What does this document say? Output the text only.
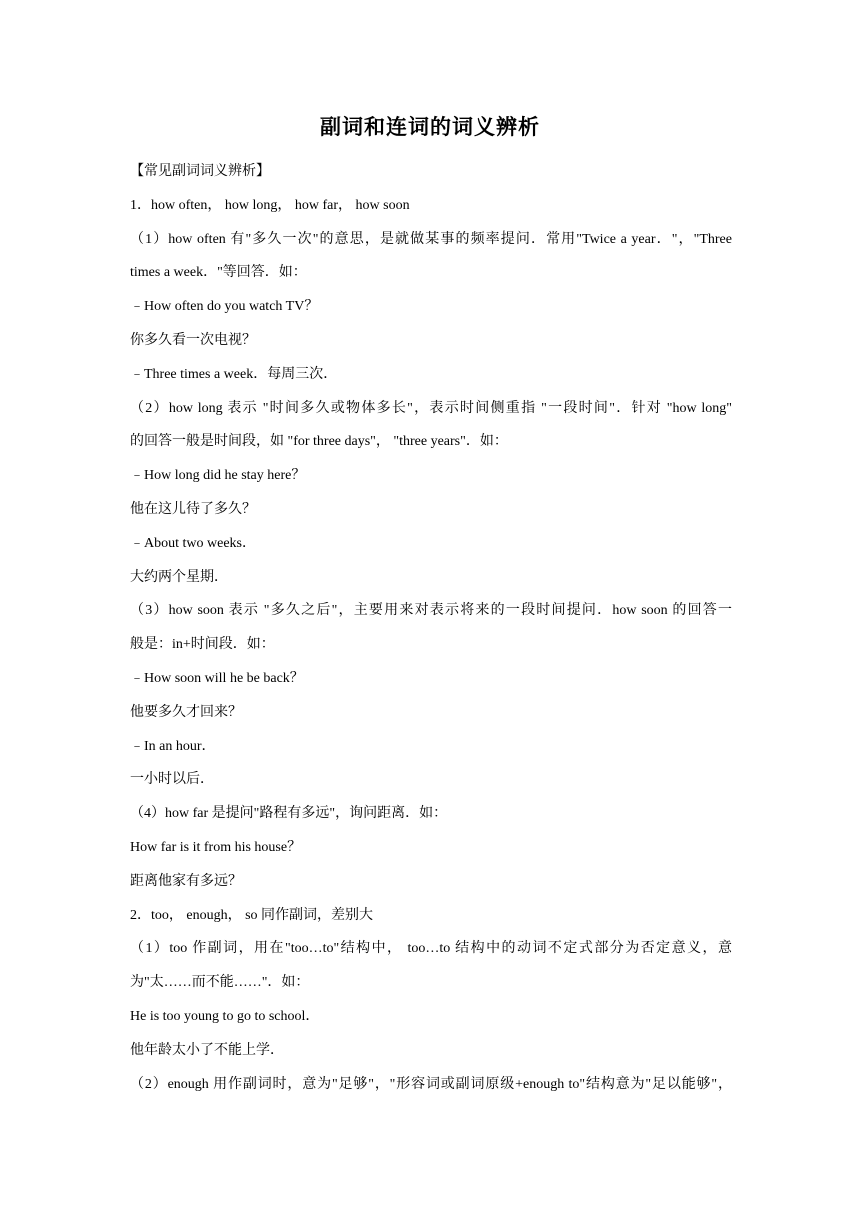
副词和连词的词义辨析
【常见副词词义辨析】
1．how often， how long， how far， how soon
（1）how often 有"多久一次"的意思，是就做某事的频率提问．常用"Twice a year．"，"Three
times a week．"等回答．如：
﹣How often do you watch TV？
你多久看一次电视？
﹣Three times a week．每周三次．
（2）how long 表示 "时间多久或物体多长"，表示时间侧重指 "一段时间"．针对 "how long"
的回答一般是时间段，如 "for three days"， "three years"．如：
﹣How long did he stay here？
他在这儿待了多久？
﹣About two weeks．
大约两个星期．
（3）how soon 表示 "多久之后"，主要用来对表示将来的一段时间提问．how soon 的回答一
般是：in+时间段．如：
﹣How soon will he be back？
他要多久才回来？
﹣In an hour．
一小时以后．
（4）how far 是提问"路程有多远"，询问距离．如：
How far is it from his house？
距离他家有多远？
2．too， enough， so 同作副词，差别大
（1）too 作副词，用在"too…to"结构中， too…to 结构中的动词不定式部分为否定意义，意
为"太……而不能……"．如：
He is too young to go to school．
他年龄太小了不能上学．
（2）enough 用作副词时，意为"足够"，"形容词或副词原级+enough to"结构意为"足以能够"，
